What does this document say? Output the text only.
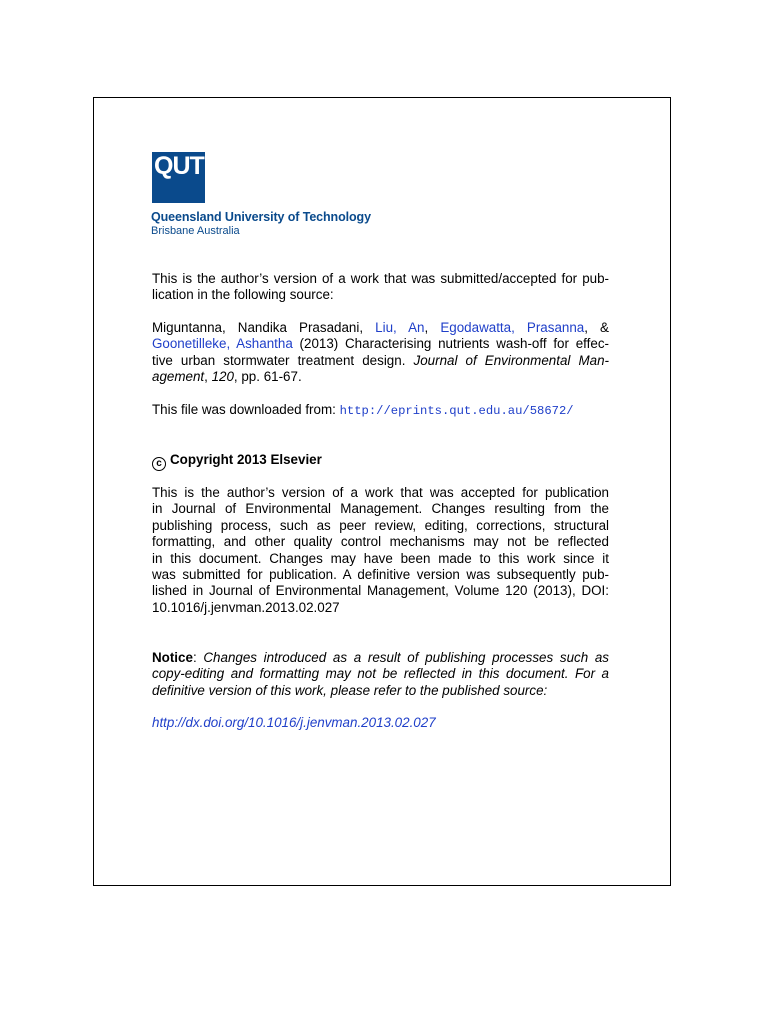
QUT
Queensland University of Technology
Brisbane Australia
This is the author’s version of a work that was submitted/accepted for pub-
lication in the following source:
Miguntanna, Nandika Prasadani, Liu, An, Egodawatta, Prasanna, &
Goonetilleke, Ashantha (2013) Characterising nutrients wash-off for effec-
tive urban stormwater treatment design. Journal of Environmental Man-
agement, 120, pp. 61-67.
This file was downloaded from: http://eprints.qut.edu.au/58672/
c Copyright 2013 Elsevier
This is the author’s version of a work that was accepted for publication
in Journal of Environmental Management. Changes resulting from the
publishing process, such as peer review, editing, corrections, structural
formatting, and other quality control mechanisms may not be reflected
in this document. Changes may have been made to this work since it
was submitted for publication. A definitive version was subsequently pub-
lished in Journal of Environmental Management, Volume 120 (2013), DOI:
10.1016/j.jenvman.2013.02.027
Notice: Changes introduced as a result of publishing processes such as
copy-editing and formatting may not be reflected in this document. For a
definitive version of this work, please refer to the published source:
http://dx.doi.org/10.1016/j.jenvman.2013.02.027
